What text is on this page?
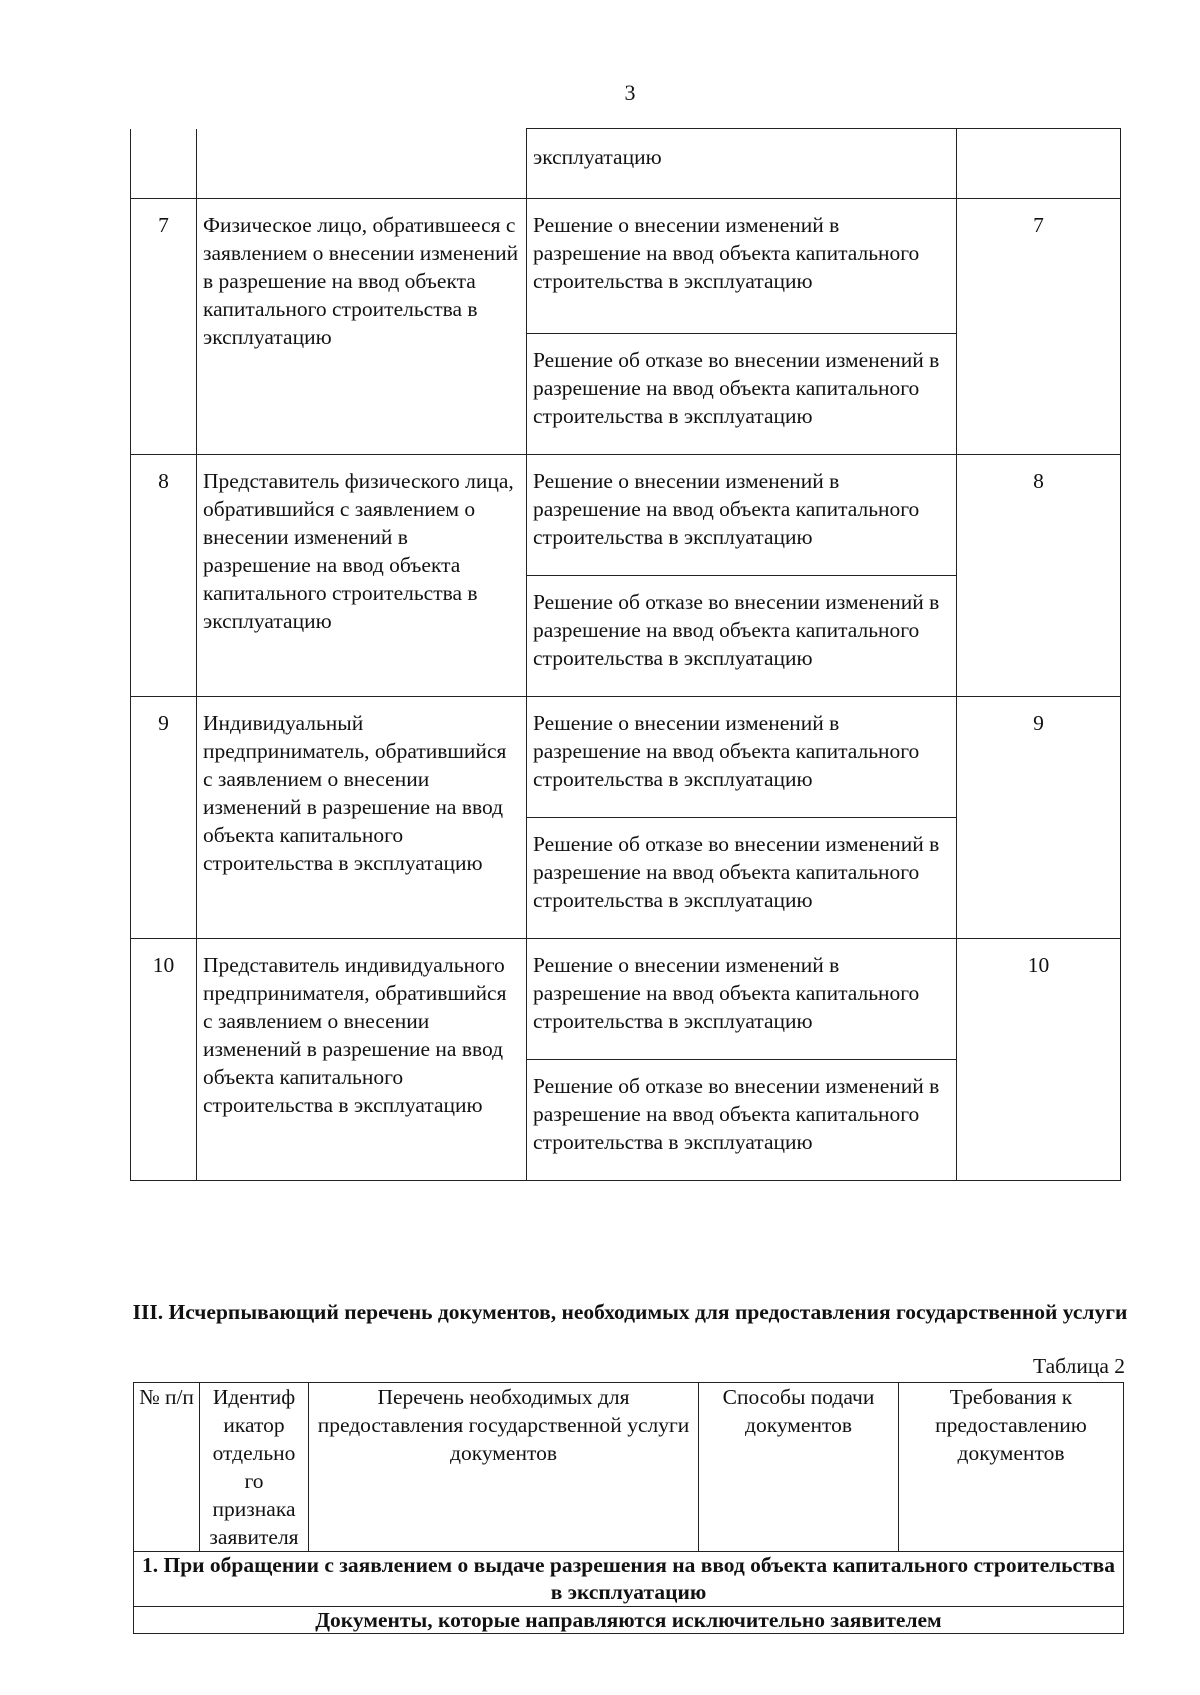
3
		эксплуатацию	
7	Физическое лицо, обратившееся с заявлением о внесении изменений в разрешение на ввод объекта капитального строительства в эксплуатацию	Решение о внесении изменений в разрешение на ввод объекта капитального строительства в эксплуатацию	7
		Решение об отказе во внесении изменений в разрешение на ввод объекта капитального строительства в эксплуатацию	
8	Представитель физического лица, обратившийся с заявлением о внесении изменений в разрешение на ввод объекта капитального строительства в эксплуатацию	Решение о внесении изменений в разрешение на ввод объекта капитального строительства в эксплуатацию	8
		Решение об отказе во внесении изменений в разрешение на ввод объекта капитального строительства в эксплуатацию	
9	Индивидуальный предприниматель, обратившийся с заявлением о внесении изменений в разрешение на ввод объекта капитального строительства в эксплуатацию	Решение о внесении изменений в разрешение на ввод объекта капитального строительства в эксплуатацию	9
		Решение об отказе во внесении изменений в разрешение на ввод объекта капитального строительства в эксплуатацию	
10	Представитель индивидуального предпринимателя, обратившийся с заявлением о внесении изменений в разрешение на ввод объекта капитального строительства в эксплуатацию	Решение о внесении изменений в разрешение на ввод объекта капитального строительства в эксплуатацию	10
		Решение об отказе во внесении изменений в разрешение на ввод объекта капитального строительства в эксплуатацию	
III. Исчерпывающий перечень документов, необходимых для предоставления государственной услуги
Таблица 2
№ п/п	Идентиф икатор отдельно го признака заявителя	Перечень необходимых для предоставления государственной услуги документов	Способы подачи документов	Требования к предоставлению документов
1. При обращении с заявлением о выдаче разрешения на ввод объекта капитального строительства в эксплуатацию
Документы, которые направляются исключительно заявителем
